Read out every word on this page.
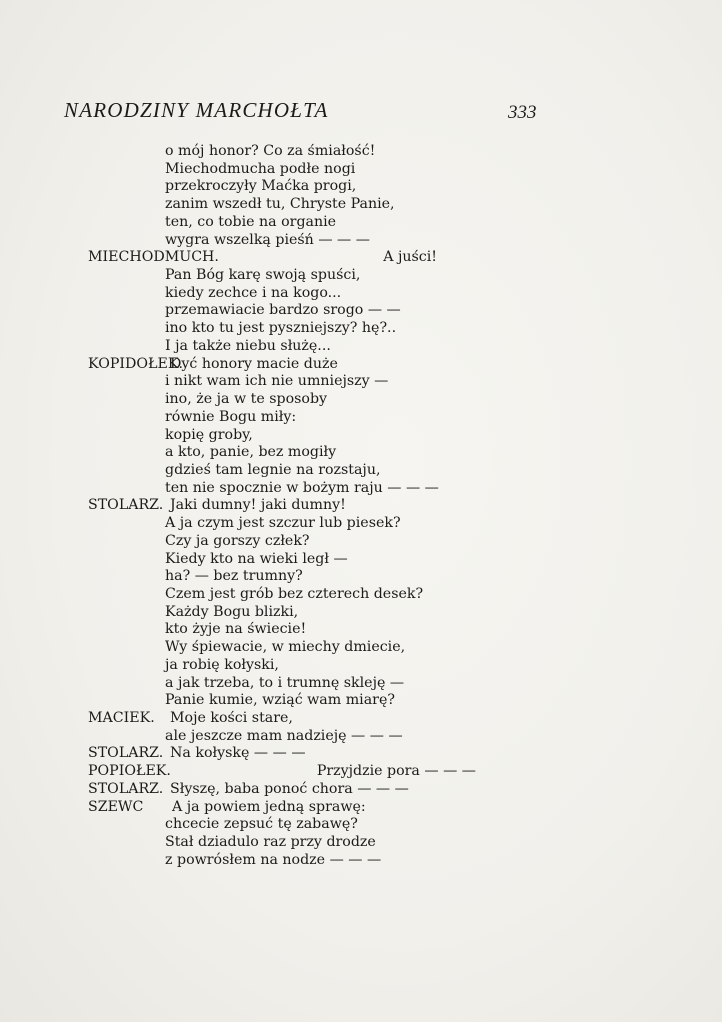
NARODZINY MARCHOŁTA	333
o mój honor? Co za śmiałość!
Miechodmucha podłe nogi
przekroczyły Maćka progi,
zanim wszedł tu, Chryste Panie,
ten, co tobie na organie
wygra wszelką pieśń — — —
MIECHODMUCH.	A juści!
Pan Bóg karę swoją spuści,
kiedy zechce i na kogo...
przemawiacie bardzo srogo — —
ino kto tu jest pyszniejszy? hę?..
I ja także niebu służę...
KOPIDOŁEK.
Dyć honory macie duże
i nikt wam ich nie umniejszy —
ino, że ja w te sposoby
równie Bogu miły:
kopię groby,
a kto, panie, bez mogiły
gdzieś tam legnie na rozstaju,
ten nie spocznie w bożym raju — — —
STOLARZ. Jaki dumny! jaki dumny!
A ja czym jest szczur lub piesek?
Czy ja gorszy człek?
Kiedy kto na wieki legł —
ha? — bez trumny?
Czem jest grób bez czterech desek?
Każdy Bogu blizki,
kto żyje na świecie!
Wy śpiewacie, w miechy dmiecie,
ja robię kołyski,
a jak trzeba, to i trumnę skleję —
Panie kumie, wziąć wam miarę?
MACIEK. Moje kości stare,
ale jeszcze mam nadzieję — — —
STOLARZ. Na kołyskę — — —
POPIOŁEK.	Przyjdzie pora — — —
STOLARZ. Słyszę, baba ponoć chora — — —
SZEWC A ja powiem jedną sprawę:
chcecie zepsuć tę zabawę?
Stał dziadulo raz przy drodze
z powrósłem na nodze — — —
